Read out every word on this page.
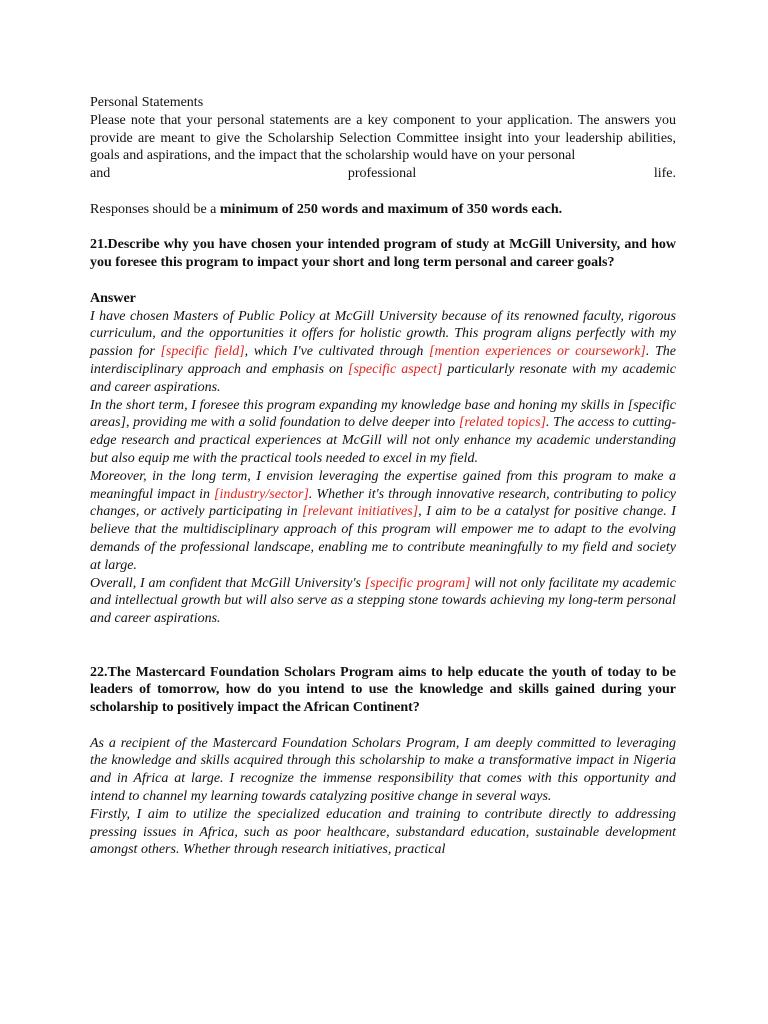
Personal Statements

Please note that your personal statements are a key component to your application. The answers you provide are meant to give the Scholarship Selection Committee insight into your leadership abilities, goals and aspirations, and the impact that the scholarship would have on your personal

and	professional	life.

Responses should be a minimum of 250 words and maximum of 350 words each.

21.Describe why you have chosen your intended program of study at McGill University, and how you foresee this program to impact your short and long term personal and career goals?

Answer

I have chosen Masters of Public Policy at McGill University because of its renowned faculty, rigorous curriculum, and the opportunities it offers for holistic growth. This program aligns perfectly with my passion for [specific field], which I've cultivated through [mention experiences or coursework]. The interdisciplinary approach and emphasis on [specific aspect] particularly resonate with my academic and career aspirations.

In the short term, I foresee this program expanding my knowledge base and honing my skills in [specific areas], providing me with a solid foundation to delve deeper into [related topics]. The access to cutting-edge research and practical experiences at McGill will not only enhance my academic understanding but also equip me with the practical tools needed to excel in my field.

Moreover, in the long term, I envision leveraging the expertise gained from this program to make a meaningful impact in [industry/sector]. Whether it's through innovative research, contributing to policy changes, or actively participating in [relevant initiatives], I aim to be a catalyst for positive change. I believe that the multidisciplinary approach of this program will empower me to adapt to the evolving demands of the professional landscape, enabling me to contribute meaningfully to my field and society at large.

Overall, I am confident that McGill University's [specific program] will not only facilitate my academic and intellectual growth but will also serve as a stepping stone towards achieving my long-term personal and career aspirations.

22.The Mastercard Foundation Scholars Program aims to help educate the youth of today to be leaders of tomorrow, how do you intend to use the knowledge and skills gained during your scholarship to positively impact the African Continent?

As a recipient of the Mastercard Foundation Scholars Program, I am deeply committed to leveraging the knowledge and skills acquired through this scholarship to make a transformative impact in Nigeria and in Africa at large. I recognize the immense responsibility that comes with this opportunity and intend to channel my learning towards catalyzing positive change in several ways.

Firstly, I aim to utilize the specialized education and training to contribute directly to addressing pressing issues in Africa, such as poor healthcare, substandard education, sustainable development amongst others. Whether through research initiatives, practical
